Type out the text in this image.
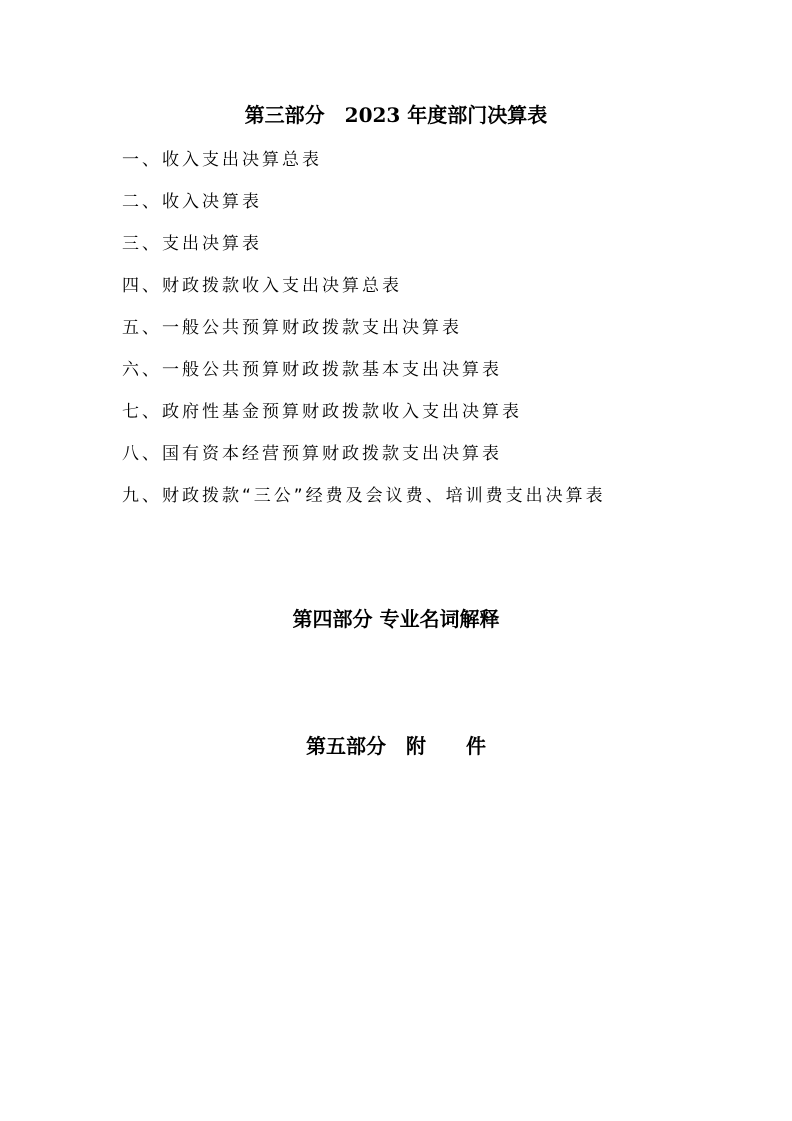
第三部分　2023 年度部门决算表
一、收入支出决算总表
二、收入决算表
三、支出决算表
四、财政拨款收入支出决算总表
五、一般公共预算财政拨款支出决算表
六、一般公共预算财政拨款基本支出决算表
七、政府性基金预算财政拨款收入支出决算表
八、国有资本经营预算财政拨款支出决算表
九、财政拨款“三公”经费及会议费、培训费支出决算表
第四部分 专业名词解释
第五部分　附　　件
